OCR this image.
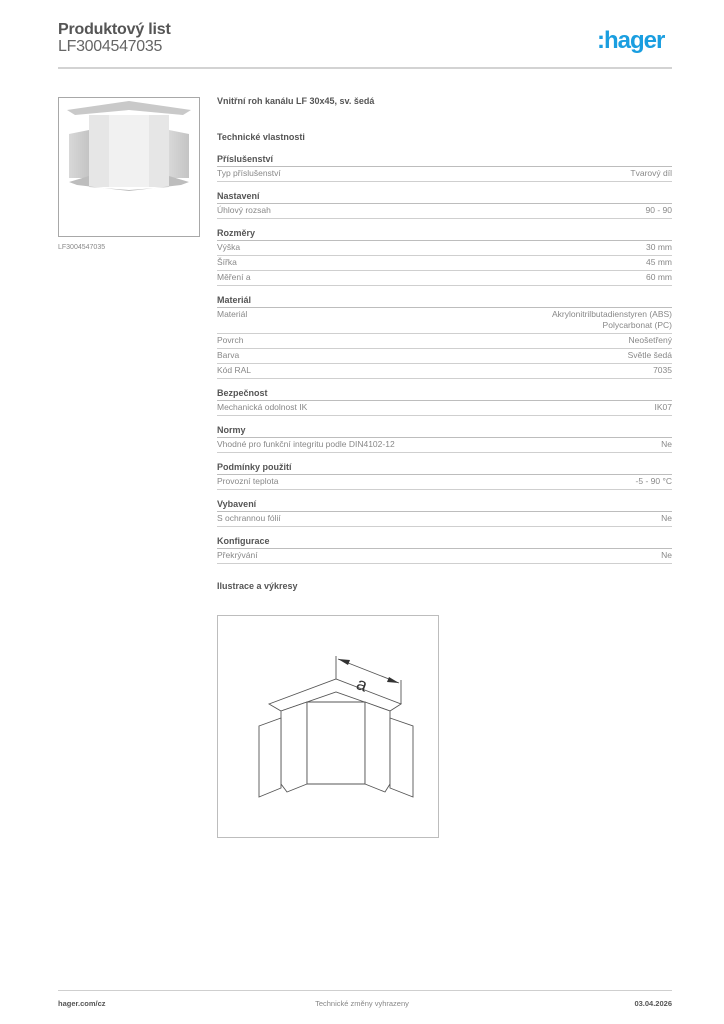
Produktový list
LF3004547035	:hager
LF3004547035
Vnitřní roh kanálu LF 30x45, sv. šedá
Technické vlastnosti
Příslušenství
Typ příslušenství	Tvarový díl
Nastavení
Úhlový rozsah	90 - 90
Rozměry
Výška	30 mm
Šířka	45 mm
Měření a	60 mm
Materiál
Materiál	Akrylonitrilbutadienstyren (ABS)
Polycarbonat (PC)
Povrch	Neošetřený
Barva	Světle šedá
Kód RAL	7035
Bezpečnost
Mechanická odolnost IK	IK07
Normy
Vhodné pro funkční integritu podle DIN4102-12	Ne
Podmínky použití
Provozní teplota	-5 - 90 °C
Vybavení
S ochrannou fólií	Ne
Konfigurace
Překrývání	Ne
Ilustrace a výkresy
a
hager.com/cz	Technické změny vyhrazeny	03.04.2026
